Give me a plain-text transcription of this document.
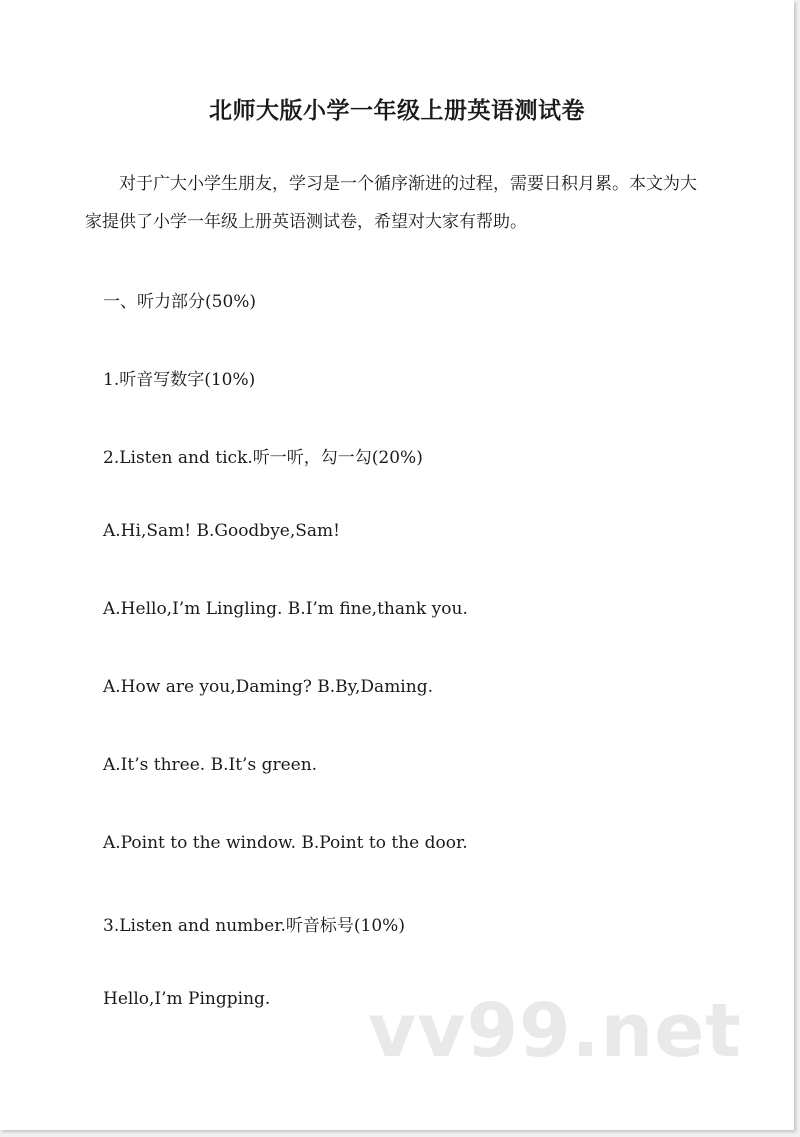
北师大版小学一年级上册英语测试卷

对于广大小学生朋友，学习是一个循序渐进的过程，需要日积月累。本文为大家提供了小学一年级上册英语测试卷，希望对大家有帮助。

一、听力部分(50%)

1.听音写数字(10%)

2.Listen and tick.听一听，勾一勾(20%)

A.Hi,Sam! B.Goodbye,Sam!

A.Hello,I’m Lingling. B.I’m fine,thank you.

A.How are you,Daming? B.By,Daming.

A.It’s three. B.It’s green.

A.Point to the window. B.Point to the door.

3.Listen and number.听音标号(10%)

Hello,I’m Pingping. vv99.net
